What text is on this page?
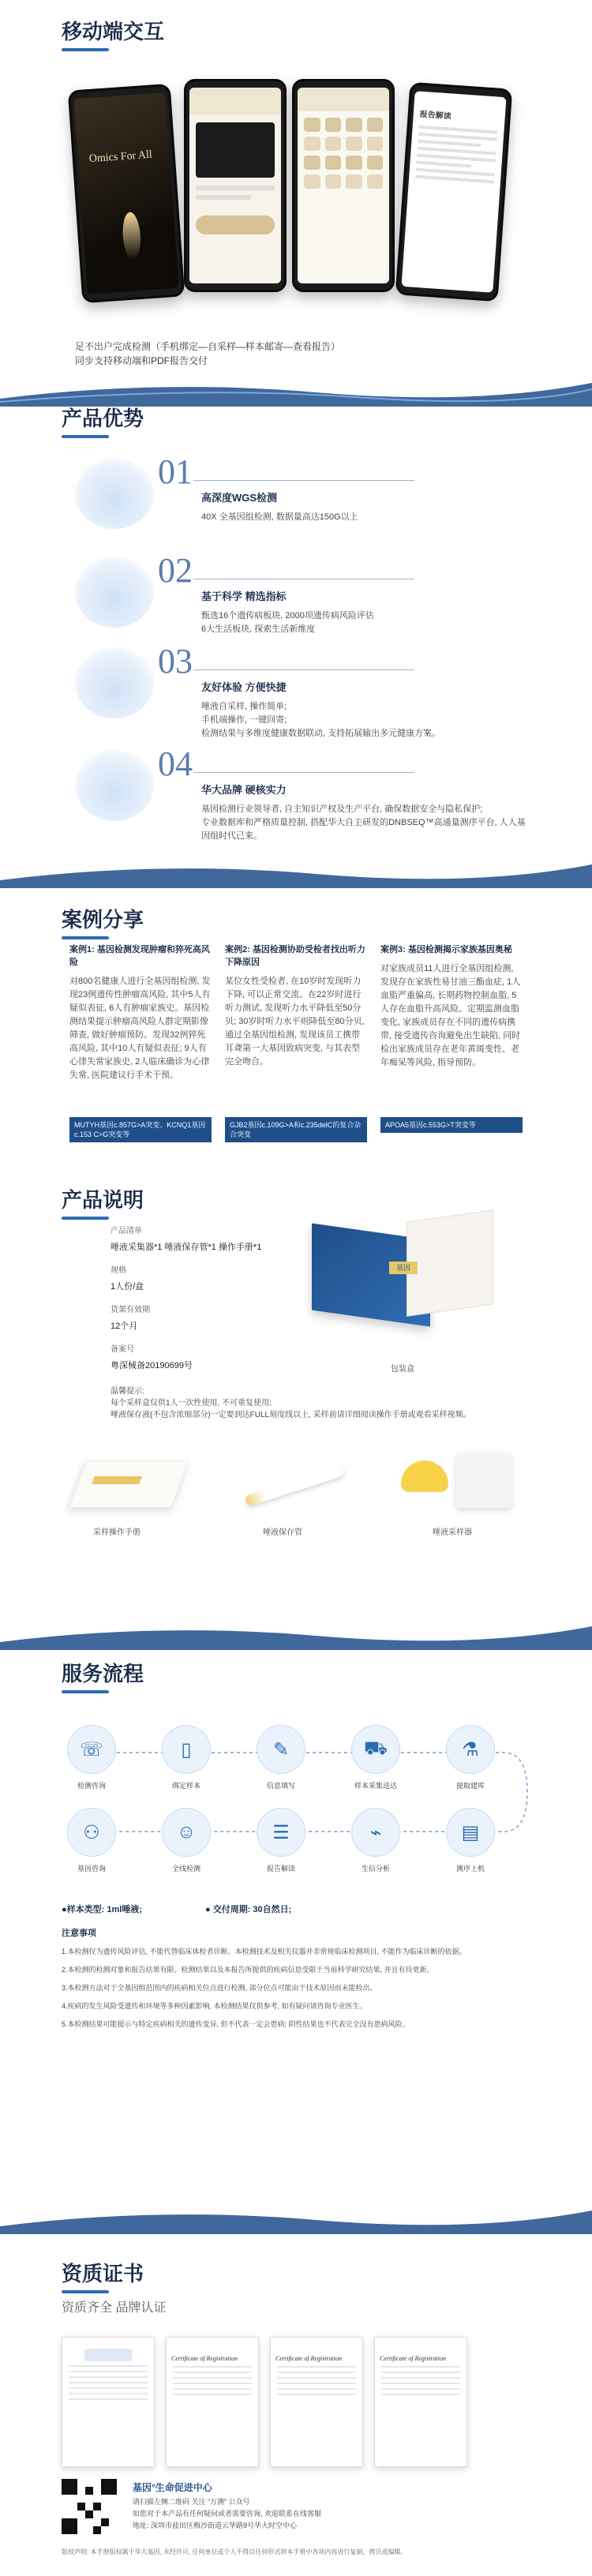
移动端交互
Omics For All
报告解读
足不出户完成检测（手机绑定—自采样—样本邮寄—查看报告）
同步支持移动端和PDF报告交付
产品优势
01
高深度WGS检测

40X 全基因组检测, 数据量高达150G以上

02
基于科学 精选指标

甄选16个遗传病板块, 2000项遗传病风险评估
6大生活板块, 探索生活新维度

03
友好体验 方便快捷

唾液自采样, 操作简单;
手机端操作, 一键回寄;
检测结果与多维度健康数据联动, 支持拓展输出多元健康方案。

04
华大品牌 硬核实力

基因检测行业领导者, 自主知识产权及生产平台, 确保数据安全与隐私保护;
专业数据库和严格质量控制, 搭配华大自主研发的DNBSEQ™高通量测序平台, 人人基因组时代已来。

案例分享
案例1: 基因检测发现肿瘤和猝死高风险

对800名健康人进行全基因组检测, 发现23例遗传性肿瘤高风险, 其中5人有疑似表征, 6人有肿瘤家族史。基因检测结果提示肿瘤高风险人群定期影像筛查, 做好肿瘤预防。发现32例猝死高风险, 其中10人有疑似表征; 9人有心律失常家族史, 2人临床确诊为心律失常, 医院建议行手术干预。

MUTYH基因c.857G>A突变、KCNQ1基因c.153 C>G突变等
案例2: 基因检测协助受检者找出听力下降原因

某位女性受检者, 在10岁时发现听力下降, 可以正常交流。在22岁时进行听力测试, 发现听力水平降低至50分贝; 30岁时听力水平则降低至80分贝, 通过全基因组检测, 发现该员工携带耳聋第一大基因致病突变, 与其表型完全吻合。

GJB2基因c.109G>A和c.235delC的复合杂合突变
案例3: 基因检测揭示家族基因奥秘

对家族成员11人进行全基因组检测, 发现存在家族性易甘油三酯血症, 1人血脂严重偏高, 长期药物控制血脂, 5人存在血脂升高风险。定期监测血脂变化, 家族成员存在不同的遗传病携带, 接受遗传咨询避免出生缺陷, 同时检出家族成员存在老年黄斑变性、老年痴呆等风险, 指导预防。

APOA5基因c.553G>T突变等
产品说明
产品清单
唾液采集器*1 唾液保存管*1 操作手册*1
规格
1人份/盒
货架有效期
12个月
备案号
粤深械备20190699号
基因
包装盒
温馨提示:
每个采样盒仅供1人一次性使用, 不可重复使用;
唾液保存液(不包含浓缩部分)一定要到达FULL刻度线以上, 采样前请详细阅读操作手册或观看采样视频。
采样操作手册	唾液保存管	唾液采样器
服务流程
☏
检测咨询
▯
绑定样本
✎
信息填写
⛟
样本采集送达
⚗
提取建库
▤
测序上机
⌁
生信分析
☰
报告解读
☺
全线检测
⚇
基因咨询
●样本类型: 1ml唾液;	● 交付周期: 30自然日;
注意事项

1.本检测仅为遗传风险评估, 不能代替临床体检者诊断。本检测技术及相关仪器并非常规临床检测项目, 不能作为临床诊断的依据。

2.本检测的检测对象和报告结果有限。检测结果以及本报告所提供的疾病信息受限于当前科学研究结果, 并且有待更新。

3.本检测方法对于全基因组范围内的疾病相关位点进行检测, 部分位点可能由于技术原因而未能检出。

4.疾病的发生风险受遗传和环境等多种因素影响, 本检测结果仅供参考, 如有疑问请咨询专业医生。

5.本检测结果可能提示与特定疾病相关的遗传变异, 但不代表一定会患病; 阴性结果也不代表完全没有患病风险。

资质证书
资质齐全 品牌认证
Certificate of Registration	Certificate of Registration	Certificate of Registration
基因°生命促进中心
请扫描左侧二维码 关注 “万测” 公众号
如您对于本产品有任何疑问或者需要咨询, 欢迎联系在线客服
地址: 深圳市盐田区梅沙街道云华路9号华大时空中心
版权声明: 本手册版权属于华大基因, 未经许可, 任何单位或个人不得以任何形式将本手册中各项内容进行复制、拷贝或编辑。
